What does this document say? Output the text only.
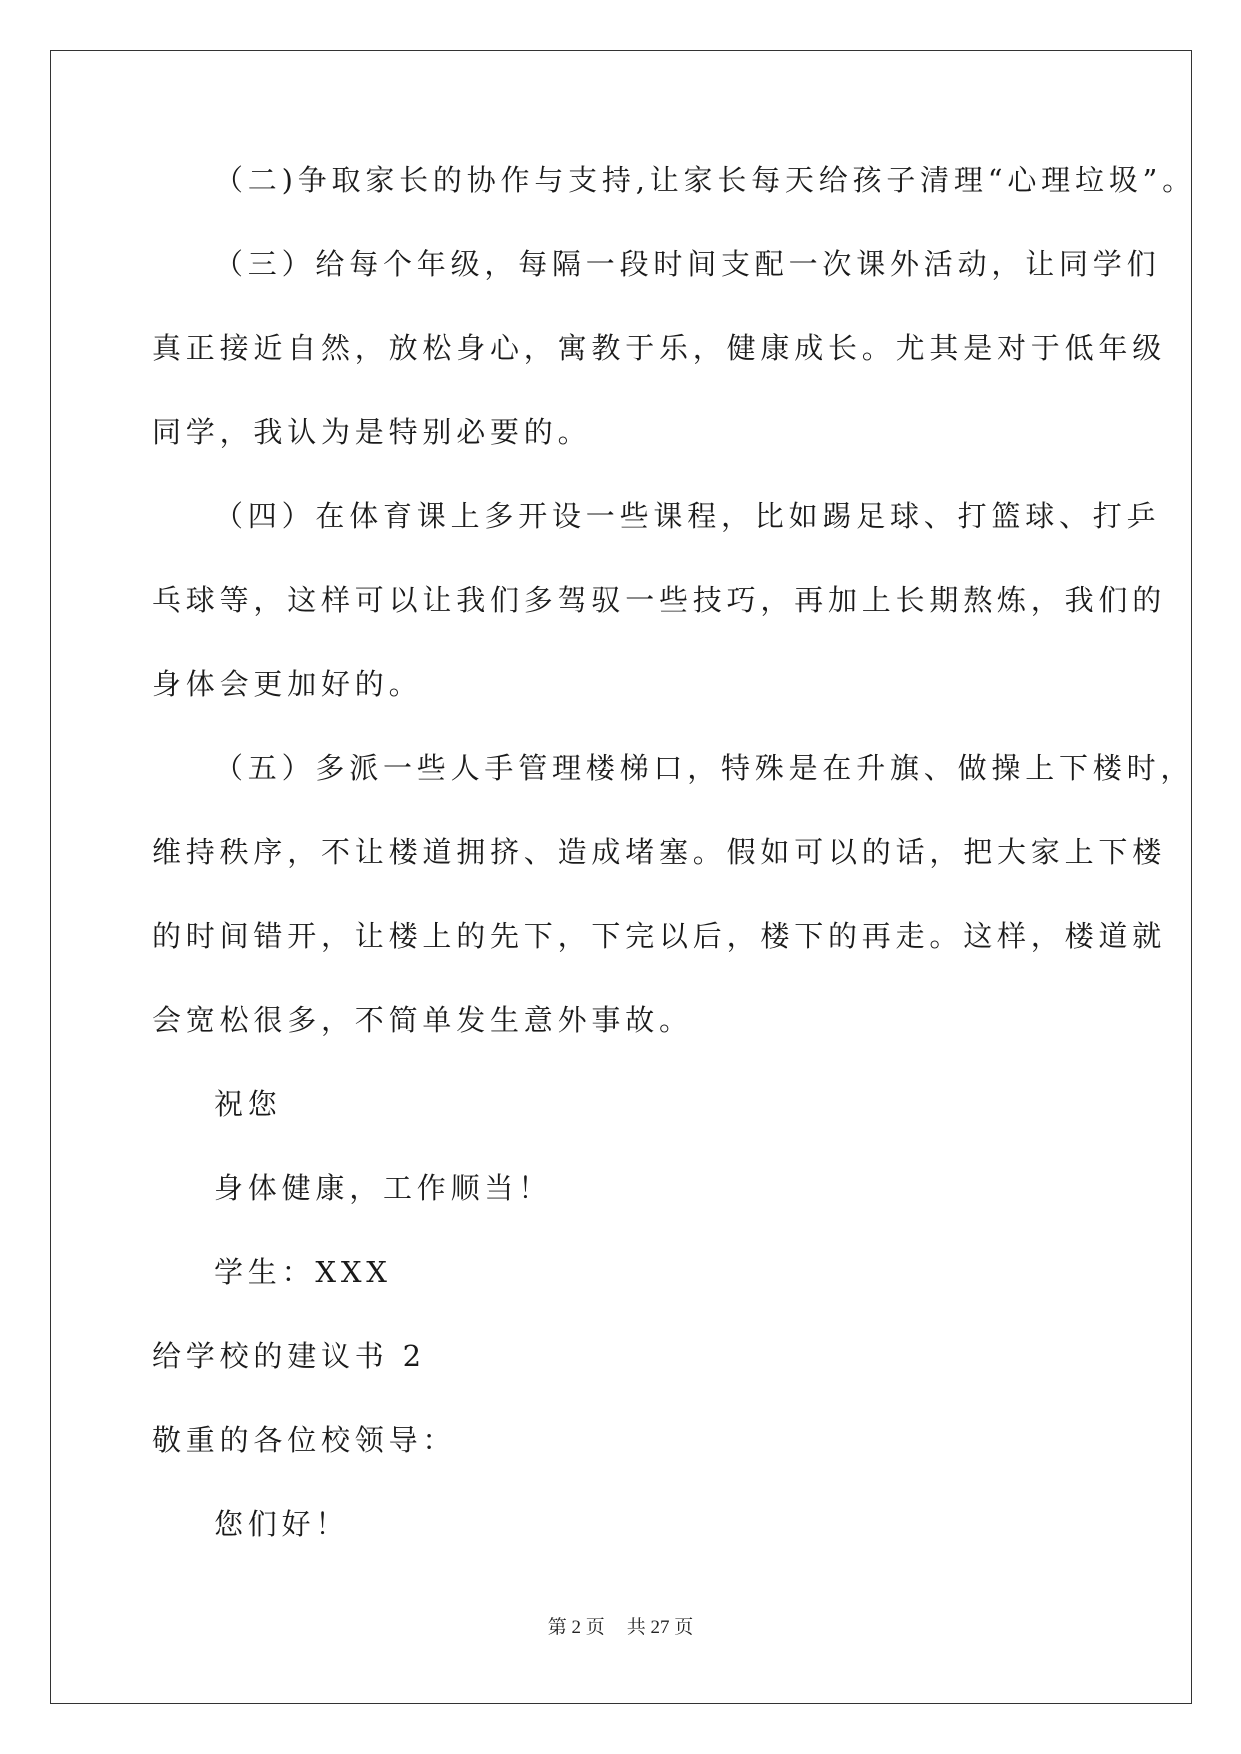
（二)争取家长的协作与支持,让家长每天给孩子清理“心理垃圾”。
（三）给每个年级，每隔一段时间支配一次课外活动，让同学们
真正接近自然，放松身心，寓教于乐，健康成长。尤其是对于低年级
同学，我认为是特别必要的。
（四）在体育课上多开设一些课程，比如踢足球、打篮球、打乒
乓球等，这样可以让我们多驾驭一些技巧，再加上长期熬炼，我们的
身体会更加好的。
（五）多派一些人手管理楼梯口，特殊是在升旗、做操上下楼时，
维持秩序，不让楼道拥挤、造成堵塞。假如可以的话，把大家上下楼
的时间错开，让楼上的先下，下完以后，楼下的再走。这样，楼道就
会宽松很多，不简单发生意外事故。
祝您
身体健康，工作顺当！
学生：XXX
给学校的建议书 2
敬重的各位校领导：
您们好！
第 2 页 共 27 页
